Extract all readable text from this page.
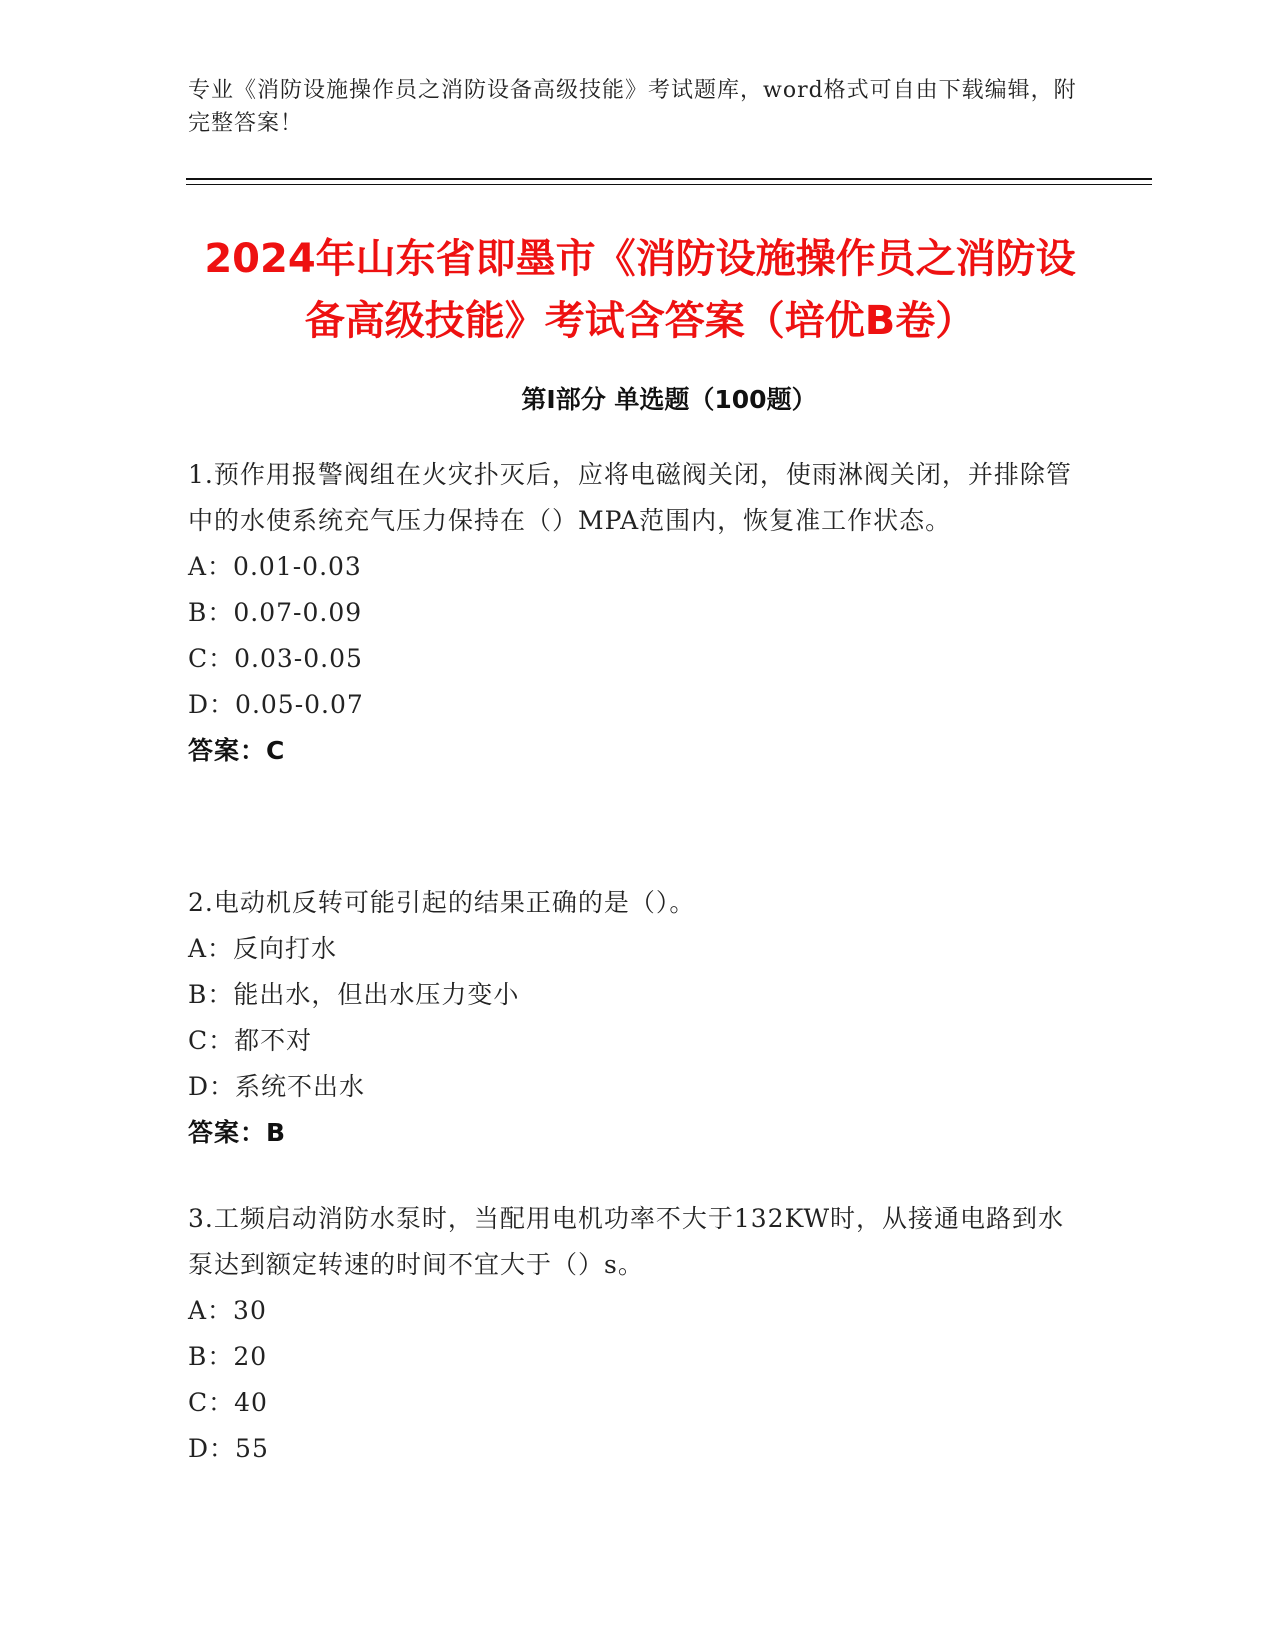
专业《消防设施操作员之消防设备高级技能》考试题库，word格式可自由下载编辑，附完整答案！
2024年山东省即墨市《消防设施操作员之消防设备高级技能》考试含答案（培优B卷）
第Ⅰ部分 单选题（100题）

1.预作用报警阀组在火灾扑灭后，应将电磁阀关闭，使雨淋阀关闭，并排除管中的水使系统充气压力保持在（）MPA范围内，恢复准工作状态。

A：0.01-0.03

B：0.07-0.09

C：0.03-0.05

D：0.05-0.07

答案：C

2.电动机反转可能引起的结果正确的是（）。

A：反向打水

B：能出水，但出水压力变小

C：都不对

D：系统不出水

答案：B

3.工频启动消防水泵时，当配用电机功率不大于132KW时，从接通电路到水泵达到额定转速的时间不宜大于（）s。

A：30

B：20

C：40

D：55
